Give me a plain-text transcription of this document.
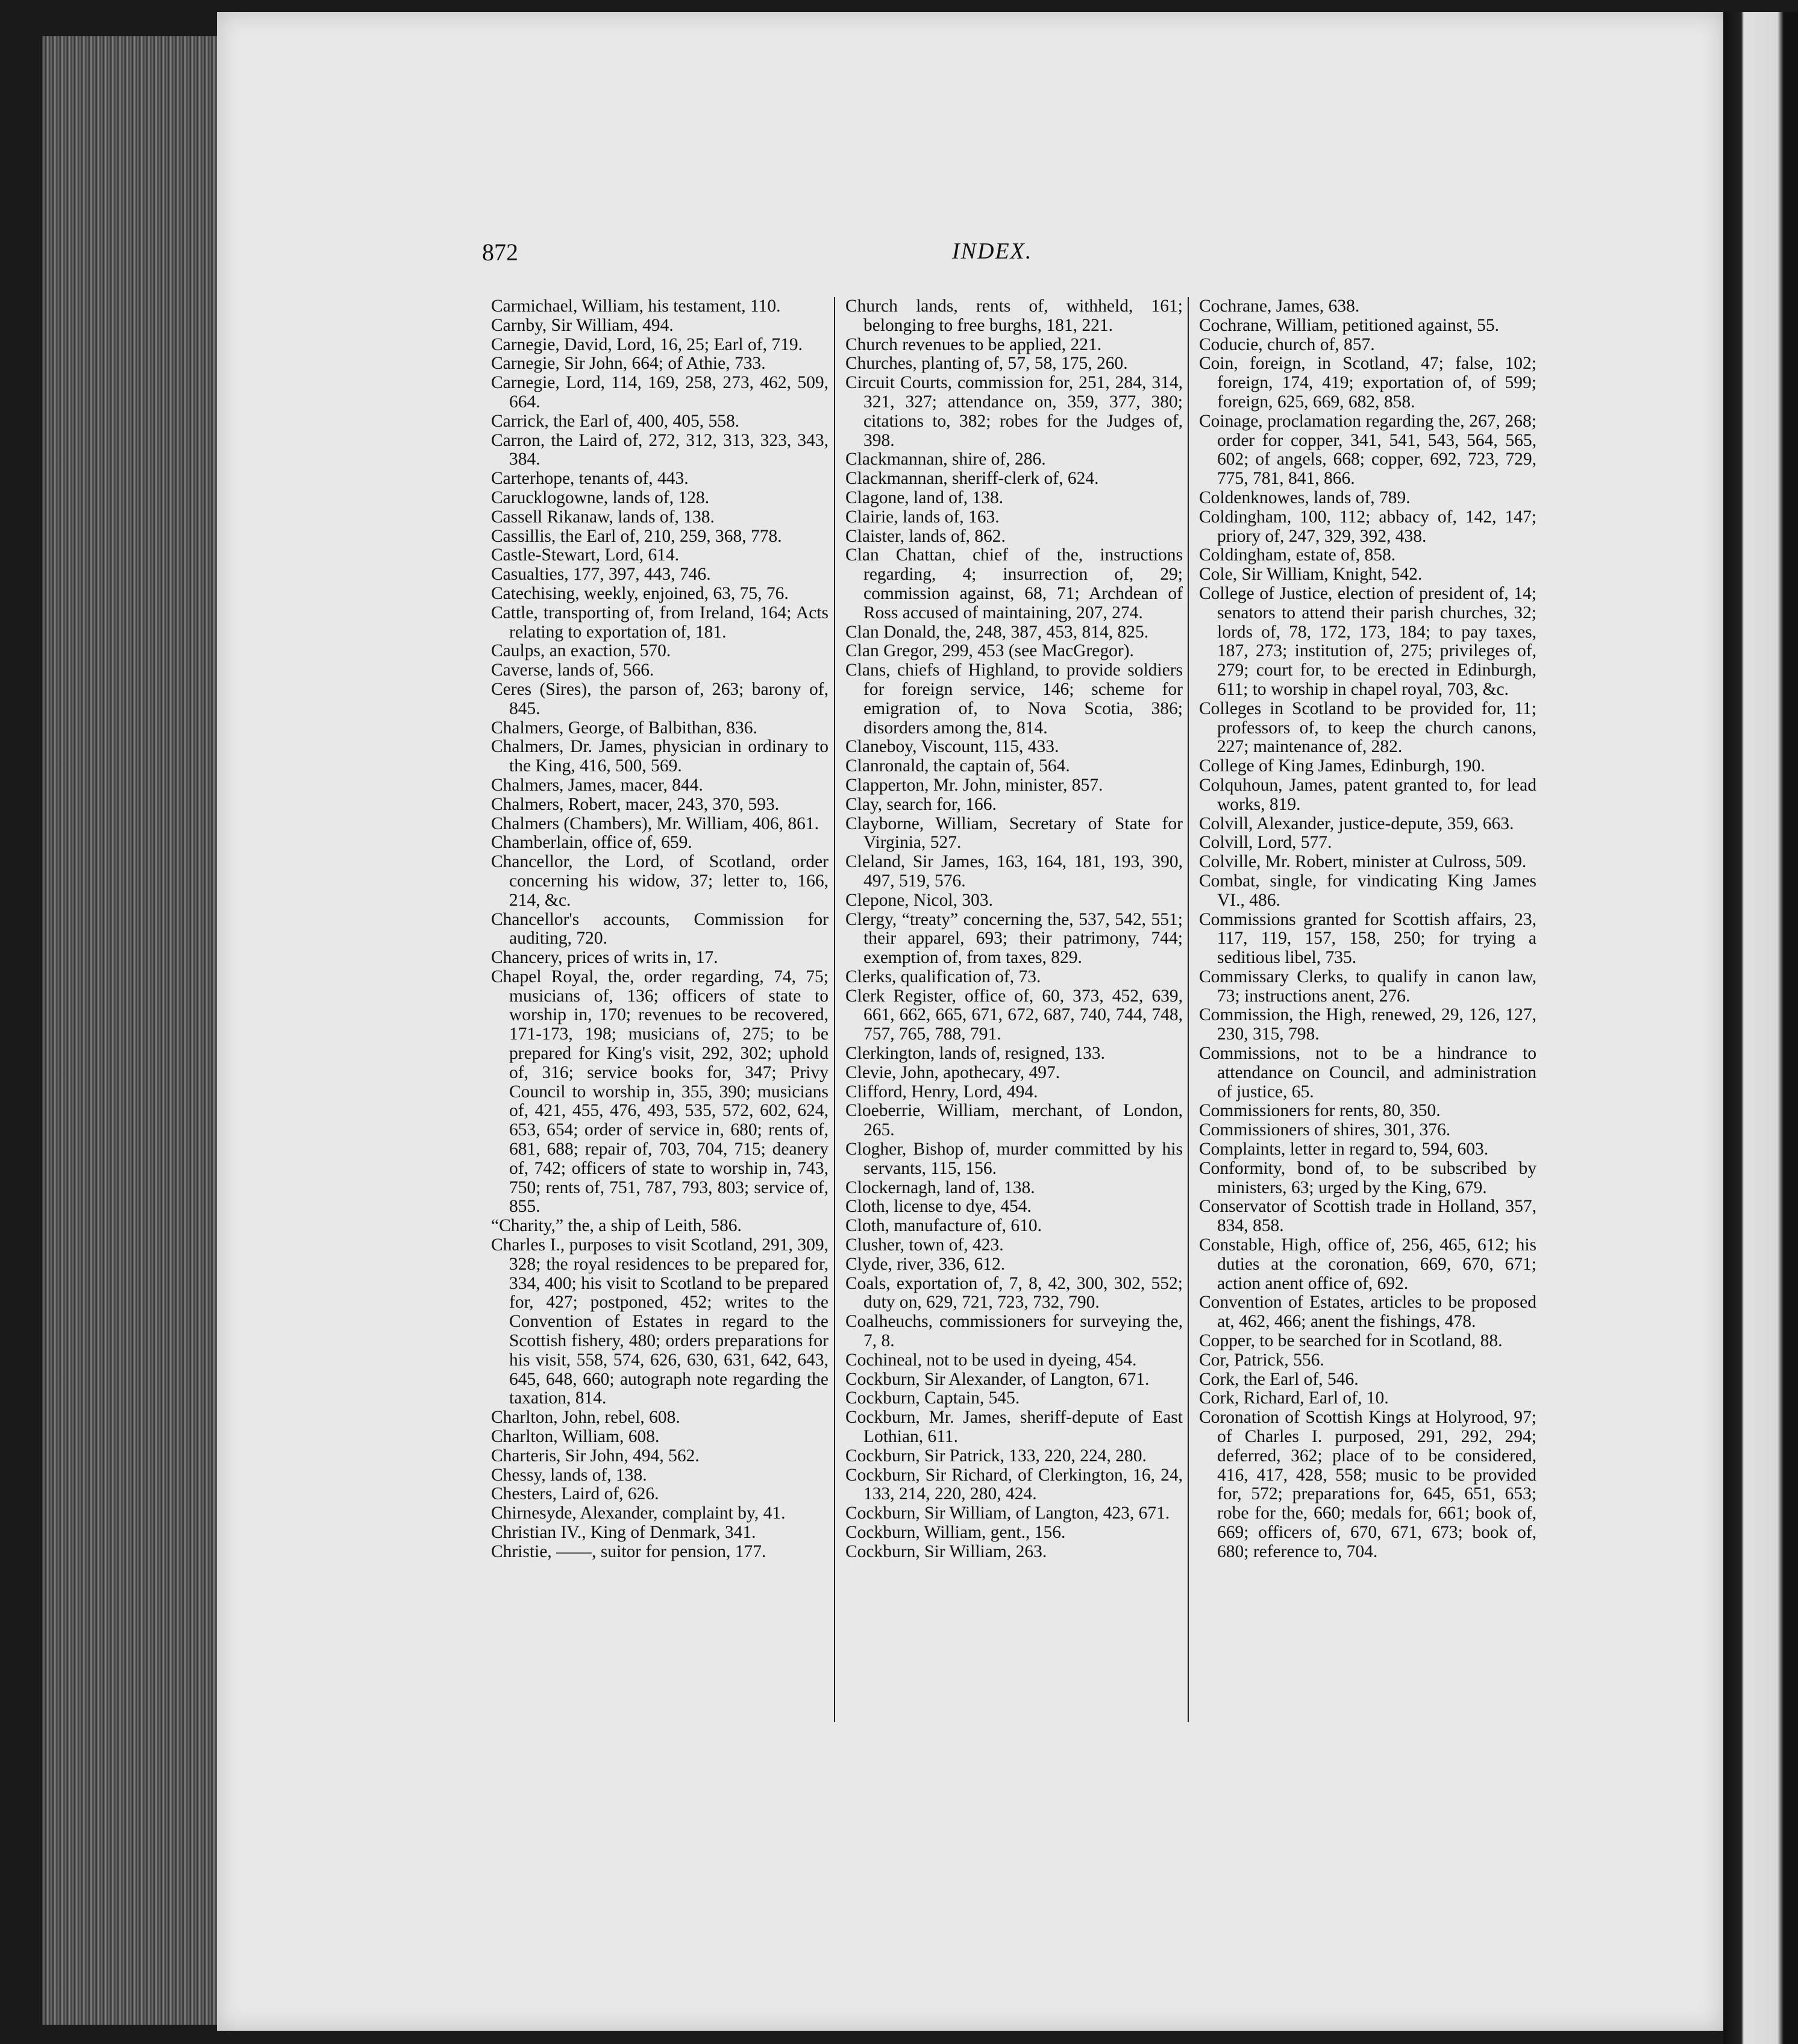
872	INDEX.

Carmichael, William, his testament, 110.

Carnby, Sir William, 494.

Carnegie, David, Lord, 16, 25; Earl of, 719.

Carnegie, Sir John, 664; of Athie, 733.

Carnegie, Lord, 114, 169, 258, 273, 462, 509, 664.

Carrick, the Earl of, 400, 405, 558.

Carron, the Laird of, 272, 312, 313, 323, 343, 384.

Carterhope, tenants of, 443.

Carucklogowne, lands of, 128.

Cassell Rikanaw, lands of, 138.

Cassillis, the Earl of, 210, 259, 368, 778.

Castle-Stewart, Lord, 614.

Casualties, 177, 397, 443, 746.

Catechising, weekly, enjoined, 63, 75, 76.

Cattle, transporting of, from Ireland, 164; Acts relating to exportation of, 181.

Caulps, an exaction, 570.

Caverse, lands of, 566.

Ceres (Sires), the parson of, 263; barony of, 845.

Chalmers, George, of Balbithan, 836.

Chalmers, Dr. James, physician in ordinary to the King, 416, 500, 569.

Chalmers, James, macer, 844.

Chalmers, Robert, macer, 243, 370, 593.

Chalmers (Chambers), Mr. William, 406, 861.

Chamberlain, office of, 659.

Chancellor, the Lord, of Scotland, order concerning his widow, 37; letter to, 166, 214, &c.

Chancellor's accounts, Commission for auditing, 720.

Chancery, prices of writs in, 17.

Chapel Royal, the, order regarding, 74, 75; musicians of, 136; officers of state to worship in, 170; revenues to be recovered, 171-173, 198; musicians of, 275; to be prepared for King's visit, 292, 302; uphold of, 316; service books for, 347; Privy Council to worship in, 355, 390; musicians of, 421, 455, 476, 493, 535, 572, 602, 624, 653, 654; order of service in, 680; rents of, 681, 688; repair of, 703, 704, 715; deanery of, 742; officers of state to worship in, 743, 750; rents of, 751, 787, 793, 803; service of, 855.

“Charity,” the, a ship of Leith, 586.

Charles I., purposes to visit Scotland, 291, 309, 328; the royal residences to be prepared for, 334, 400; his visit to Scotland to be prepared for, 427; postponed, 452; writes to the Convention of Estates in regard to the Scottish fishery, 480; orders preparations for his visit, 558, 574, 626, 630, 631, 642, 643, 645, 648, 660; autograph note regarding the taxation, 814.

Charlton, John, rebel, 608.

Charlton, William, 608.

Charteris, Sir John, 494, 562.

Chessy, lands of, 138.

Chesters, Laird of, 626.

Chirnesyde, Alexander, complaint by, 41.

Christian IV., King of Denmark, 341.

Christie, ——, suitor for pension, 177.

Church lands, rents of, withheld, 161; belonging to free burghs, 181, 221.

Church revenues to be applied, 221.

Churches, planting of, 57, 58, 175, 260.

Circuit Courts, commission for, 251, 284, 314, 321, 327; attendance on, 359, 377, 380; citations to, 382; robes for the Judges of, 398.

Clackmannan, shire of, 286.

Clackmannan, sheriff-clerk of, 624.

Clagone, land of, 138.

Clairie, lands of, 163.

Claister, lands of, 862.

Clan Chattan, chief of the, instructions regarding, 4; insurrection of, 29; commission against, 68, 71; Archdean of Ross accused of maintaining, 207, 274.

Clan Donald, the, 248, 387, 453, 814, 825.

Clan Gregor, 299, 453 (see MacGregor).

Clans, chiefs of Highland, to provide soldiers for foreign service, 146; scheme for emigration of, to Nova Scotia, 386; disorders among the, 814.

Claneboy, Viscount, 115, 433.

Clanronald, the captain of, 564.

Clapperton, Mr. John, minister, 857.

Clay, search for, 166.

Clayborne, William, Secretary of State for Virginia, 527.

Cleland, Sir James, 163, 164, 181, 193, 390, 497, 519, 576.

Clepone, Nicol, 303.

Clergy, “treaty” concerning the, 537, 542, 551; their apparel, 693; their patrimony, 744; exemption of, from taxes, 829.

Clerks, qualification of, 73.

Clerk Register, office of, 60, 373, 452, 639, 661, 662, 665, 671, 672, 687, 740, 744, 748, 757, 765, 788, 791.

Clerkington, lands of, resigned, 133.

Clevie, John, apothecary, 497.

Clifford, Henry, Lord, 494.

Cloeberrie, William, merchant, of London, 265.

Clogher, Bishop of, murder committed by his servants, 115, 156.

Clockernagh, land of, 138.

Cloth, license to dye, 454.

Cloth, manufacture of, 610.

Clusher, town of, 423.

Clyde, river, 336, 612.

Coals, exportation of, 7, 8, 42, 300, 302, 552; duty on, 629, 721, 723, 732, 790.

Coalheuchs, commissioners for surveying the, 7, 8.

Cochineal, not to be used in dyeing, 454.

Cockburn, Sir Alexander, of Langton, 671.

Cockburn, Captain, 545.

Cockburn, Mr. James, sheriff-depute of East Lothian, 611.

Cockburn, Sir Patrick, 133, 220, 224, 280.

Cockburn, Sir Richard, of Clerkington, 16, 24, 133, 214, 220, 280, 424.

Cockburn, Sir William, of Langton, 423, 671.

Cockburn, William, gent., 156.

Cockburn, Sir William, 263.

Cochrane, James, 638.

Cochrane, William, petitioned against, 55.

Coducie, church of, 857.

Coin, foreign, in Scotland, 47; false, 102; foreign, 174, 419; exportation of, of 599; foreign, 625, 669, 682, 858.

Coinage, proclamation regarding the, 267, 268; order for copper, 341, 541, 543, 564, 565, 602; of angels, 668; copper, 692, 723, 729, 775, 781, 841, 866.

Coldenknowes, lands of, 789.

Coldingham, 100, 112; abbacy of, 142, 147; priory of, 247, 329, 392, 438.

Coldingham, estate of, 858.

Cole, Sir William, Knight, 542.

College of Justice, election of president of, 14; senators to attend their parish churches, 32; lords of, 78, 172, 173, 184; to pay taxes, 187, 273; institution of, 275; privileges of, 279; court for, to be erected in Edinburgh, 611; to worship in chapel royal, 703, &c.

Colleges in Scotland to be provided for, 11; professors of, to keep the church canons, 227; maintenance of, 282.

College of King James, Edinburgh, 190.

Colquhoun, James, patent granted to, for lead works, 819.

Colvill, Alexander, justice-depute, 359, 663.

Colvill, Lord, 577.

Colville, Mr. Robert, minister at Culross, 509.

Combat, single, for vindicating King James VI., 486.

Commissions granted for Scottish affairs, 23, 117, 119, 157, 158, 250; for trying a seditious libel, 735.

Commissary Clerks, to qualify in canon law, 73; instructions anent, 276.

Commission, the High, renewed, 29, 126, 127, 230, 315, 798.

Commissions, not to be a hindrance to attendance on Council, and administration of justice, 65.

Commissioners for rents, 80, 350.

Commissioners of shires, 301, 376.

Complaints, letter in regard to, 594, 603.

Conformity, bond of, to be subscribed by ministers, 63; urged by the King, 679.

Conservator of Scottish trade in Holland, 357, 834, 858.

Constable, High, office of, 256, 465, 612; his duties at the coronation, 669, 670, 671; action anent office of, 692.

Convention of Estates, articles to be proposed at, 462, 466; anent the fishings, 478.

Copper, to be searched for in Scotland, 88.

Cor, Patrick, 556.

Cork, the Earl of, 546.

Cork, Richard, Earl of, 10.

Coronation of Scottish Kings at Holyrood, 97; of Charles I. purposed, 291, 292, 294; deferred, 362; place of to be considered, 416, 417, 428, 558; music to be provided for, 572; preparations for, 645, 651, 653; robe for the, 660; medals for, 661; book of, 669; officers of, 670, 671, 673; book of, 680; reference to, 704.
